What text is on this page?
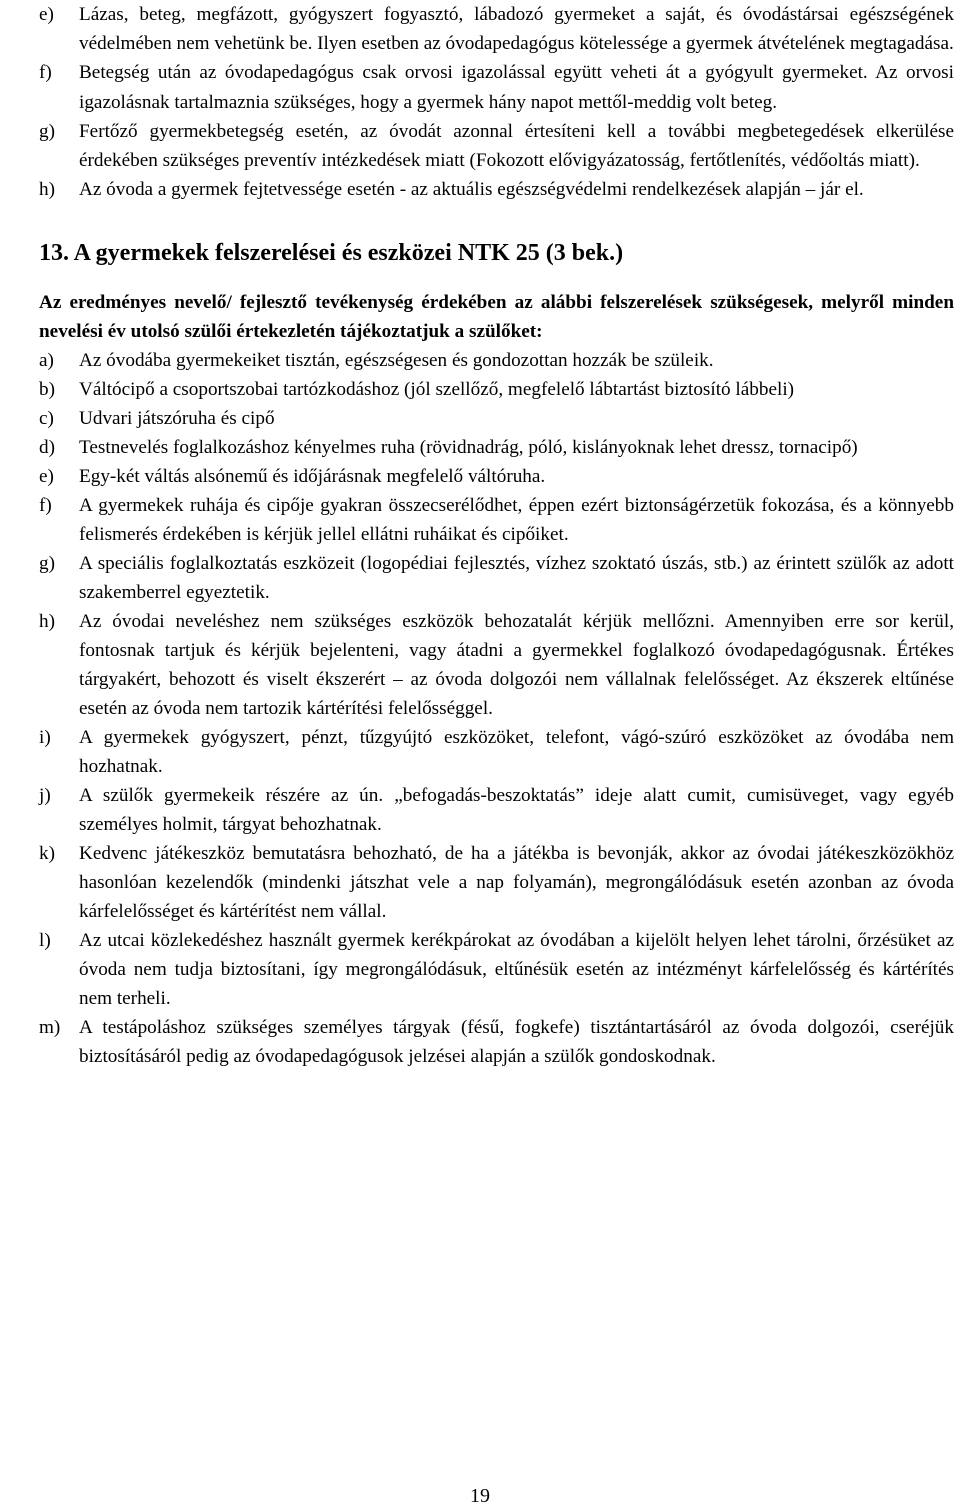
e)	Lázas, beteg, megfázott, gyógyszert fogyasztó, lábadozó gyermeket a saját, és óvodástársai egészségének védelmében nem vehetünk be. Ilyen esetben az óvodapedagógus kötelessége a gyermek átvételének megtagadása.
f)	Betegség után az óvodapedagógus csak orvosi igazolással együtt veheti át a gyógyult gyermeket. Az orvosi igazolásnak tartalmaznia szükséges, hogy a gyermek hány napot mettől-meddig volt beteg.
g)	Fertőző gyermekbetegség esetén, az óvodát azonnal értesíteni kell a további megbetegedések elkerülése érdekében szükséges preventív intézkedések miatt (Fokozott elővigyázatosság, fertőtlenítés, védőoltás miatt).
h)	Az óvoda a gyermek fejtetvessége esetén - az aktuális egészségvédelmi rendelkezések alapján – jár el.
13. A gyermekek felszerelései és eszközei NTK 25 (3 bek.)

Az eredményes nevelő/ fejlesztő tevékenység érdekében az alábbi felszerelések szükségesek, melyről minden nevelési év utolsó szülői értekezletén tájékoztatjuk a szülőket:

a)	Az óvodába gyermekeiket tisztán, egészségesen és gondozottan hozzák be szüleik.
b)	Váltócipő a csoportszobai tartózkodáshoz (jól szellőző, megfelelő lábtartást biztosító lábbeli)
c)	Udvari játszóruha és cipő
d)	Testnevelés foglalkozáshoz kényelmes ruha (rövidnadrág, póló, kislányoknak lehet dressz, tornacipő)
e)	Egy-két váltás alsónemű és időjárásnak megfelelő váltóruha.
f)	A gyermekek ruhája és cipője gyakran összecserélődhet, éppen ezért biztonságérzetük fokozása, és a könnyebb felismerés érdekében is kérjük jellel ellátni ruháikat és cipőiket.
g)	A speciális foglalkoztatás eszközeit (logopédiai fejlesztés, vízhez szoktató úszás, stb.) az érintett szülők az adott szakemberrel egyeztetik.
h)	Az óvodai neveléshez nem szükséges eszközök behozatalát kérjük mellőzni. Amennyiben erre sor kerül, fontosnak tartjuk és kérjük bejelenteni, vagy átadni a gyermekkel foglalkozó óvodapedagógusnak. Értékes tárgyakért, behozott és viselt ékszerért – az óvoda dolgozói nem vállalnak felelősséget. Az ékszerek eltűnése esetén az óvoda nem tartozik kártérítési felelősséggel.
i)	A gyermekek gyógyszert, pénzt, tűzgyújtó eszközöket, telefont, vágó-szúró eszközöket az óvodába nem hozhatnak.
j)	A szülők gyermekeik részére az ún. „befogadás-beszoktatás” ideje alatt cumit, cumisüveget, vagy egyéb személyes holmit, tárgyat behozhatnak.
k)	Kedvenc játékeszköz bemutatásra behozható, de ha a játékba is bevonják, akkor az óvodai játékeszközökhöz hasonlóan kezelendők (mindenki játszhat vele a nap folyamán), megrongálódásuk esetén azonban az óvoda kárfelelősséget és kártérítést nem vállal.
l)	Az utcai közlekedéshez használt gyermek kerékpárokat az óvodában a kijelölt helyen lehet tárolni, őrzésüket az óvoda nem tudja biztosítani, így megrongálódásuk, eltűnésük esetén az intézményt kárfelelősség és kártérítés nem terheli.
m) A testápoláshoz szükséges személyes tárgyak (fésű, fogkefe) tisztántartásáról az óvoda dolgozói, cseréjük biztosításáról pedig az óvodapedagógusok jelzései alapján a szülők gondoskodnak.
19
